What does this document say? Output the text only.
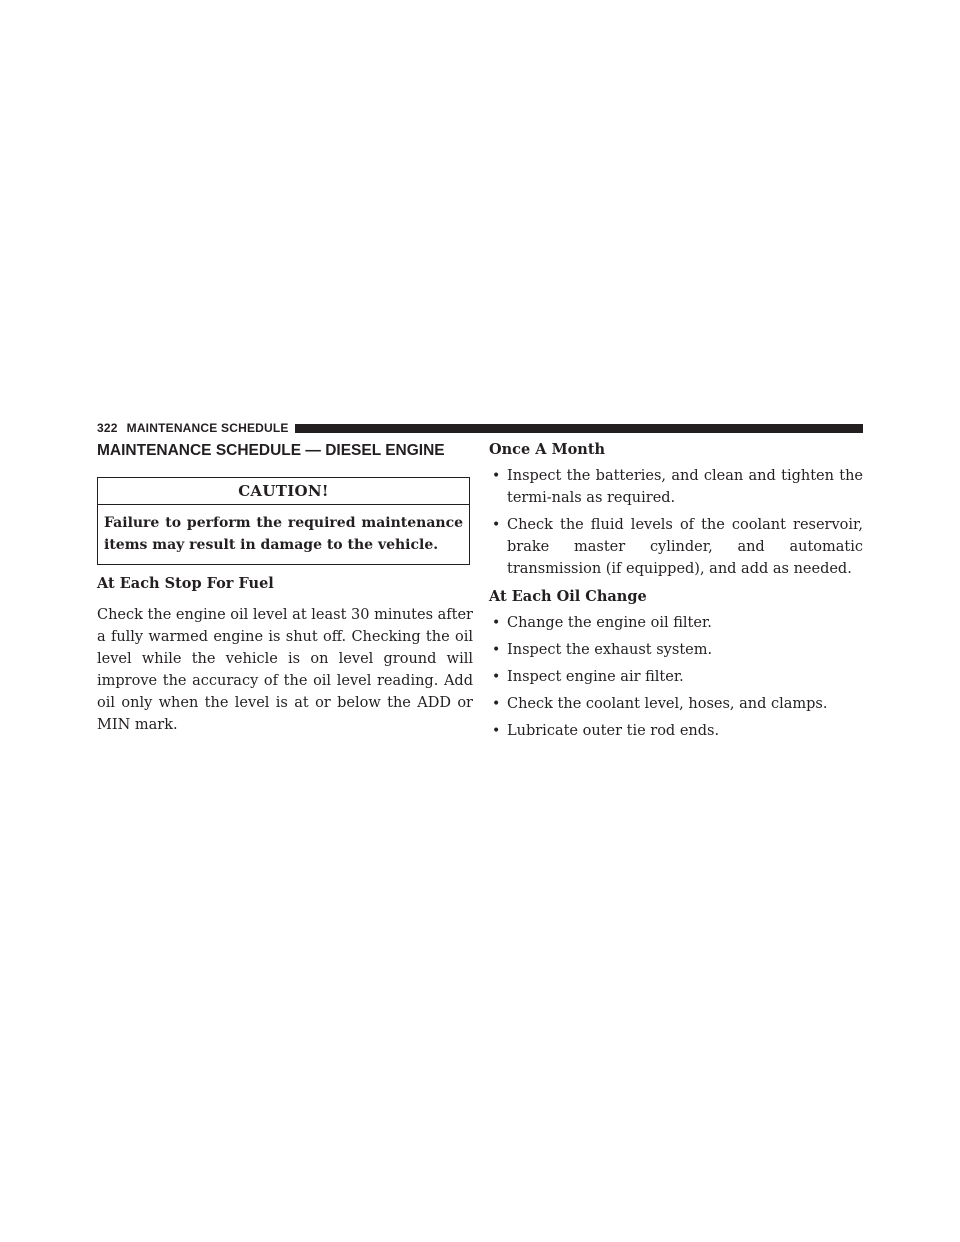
322 MAINTENANCE SCHEDULE
MAINTENANCE SCHEDULE — DIESEL ENGINE
CAUTION!
Failure to perform the required maintenance items may result in damage to the vehicle.
At Each Stop For Fuel

Check the engine oil level at least 30 minutes after a fully warmed engine is shut off. Checking the oil level while the vehicle is on level ground will improve the accuracy of the oil level reading. Add oil only when the level is at or below the ADD or MIN mark.

Once A Month
• Inspect the batteries, and clean and tighten the termi-nals as required.
• Check the fluid levels of the coolant reservoir, brake master cylinder, and automatic transmission (if equipped), and add as needed.
At Each Oil Change
• Change the engine oil filter.
• Inspect the exhaust system.
• Inspect engine air filter.
• Check the coolant level, hoses, and clamps.
• Lubricate outer tie rod ends.
